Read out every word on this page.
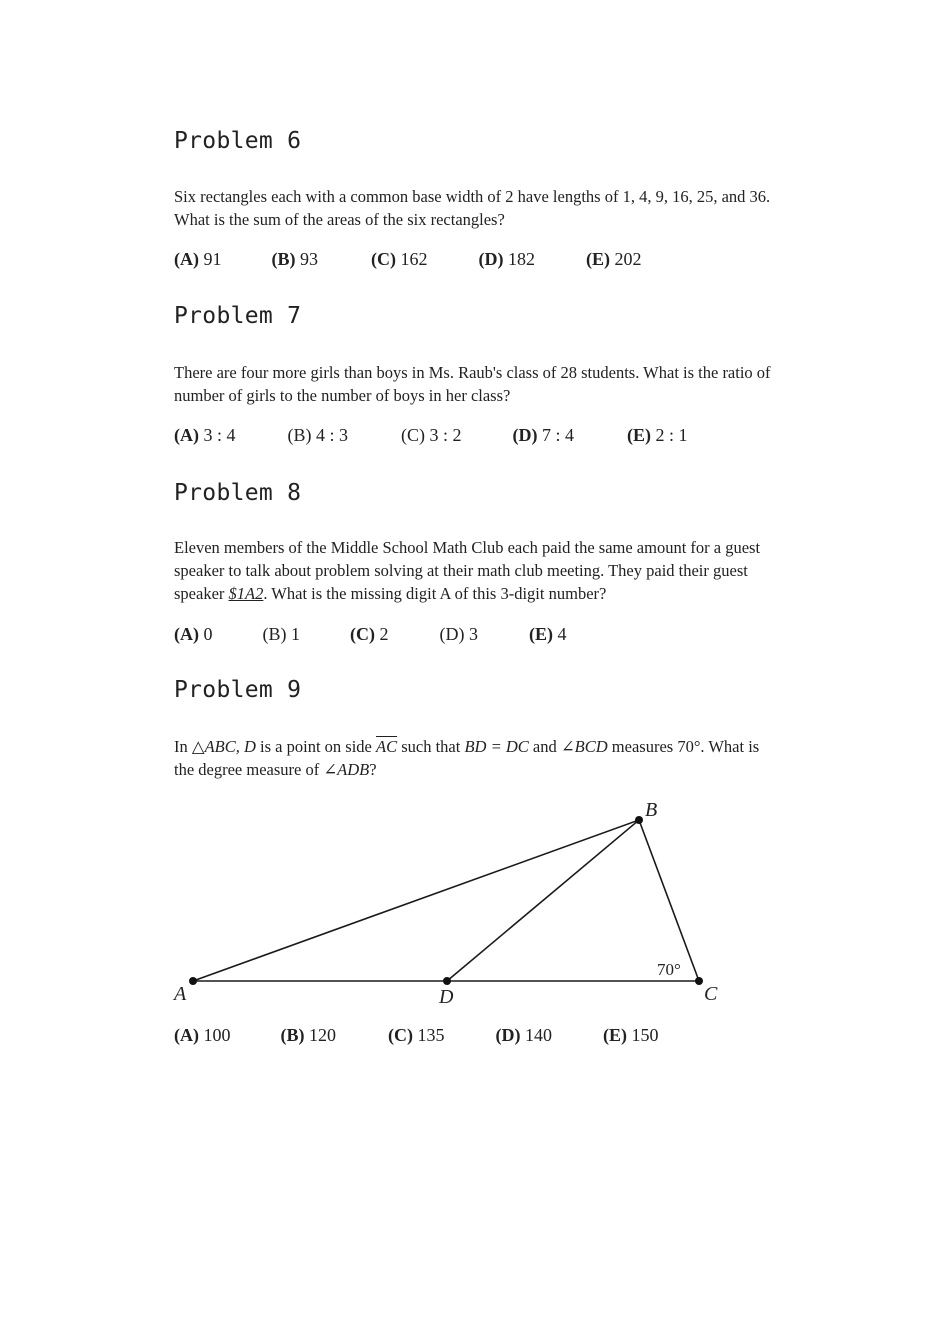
Problem 6
Six rectangles each with a common base width of 2 have lengths of 1, 4, 9, 16, 25, and 36. What is the sum of the areas of the six rectangles?
(A) 91	(B) 93	(C) 162	(D) 182	(E) 202
Problem 7
There are four more girls than boys in Ms. Raub's class of 28 students. What is the ratio of number of girls to the number of boys in her class?
(A) 3 : 4	(B) 4 : 3	(C) 3 : 2	(D) 7 : 4	(E) 2 : 1
Problem 8
Eleven members of the Middle School Math Club each paid the same amount for a guest speaker to talk about problem solving at their math club meeting. They paid their guest speaker $1A2. What is the missing digit A of this 3-digit number?
(A) 0	(B) 1	(C) 2	(D) 3	(E) 4
Problem 9
In △ABC, D is a point on side $\overline{AC}$ such that BD = DC and ∠BCD measures 70°. What is the degree measure of ∠ADB?
A
B
C
D
70°
(A) 100	(B) 120	(C) 135	(D) 140	(E) 150
